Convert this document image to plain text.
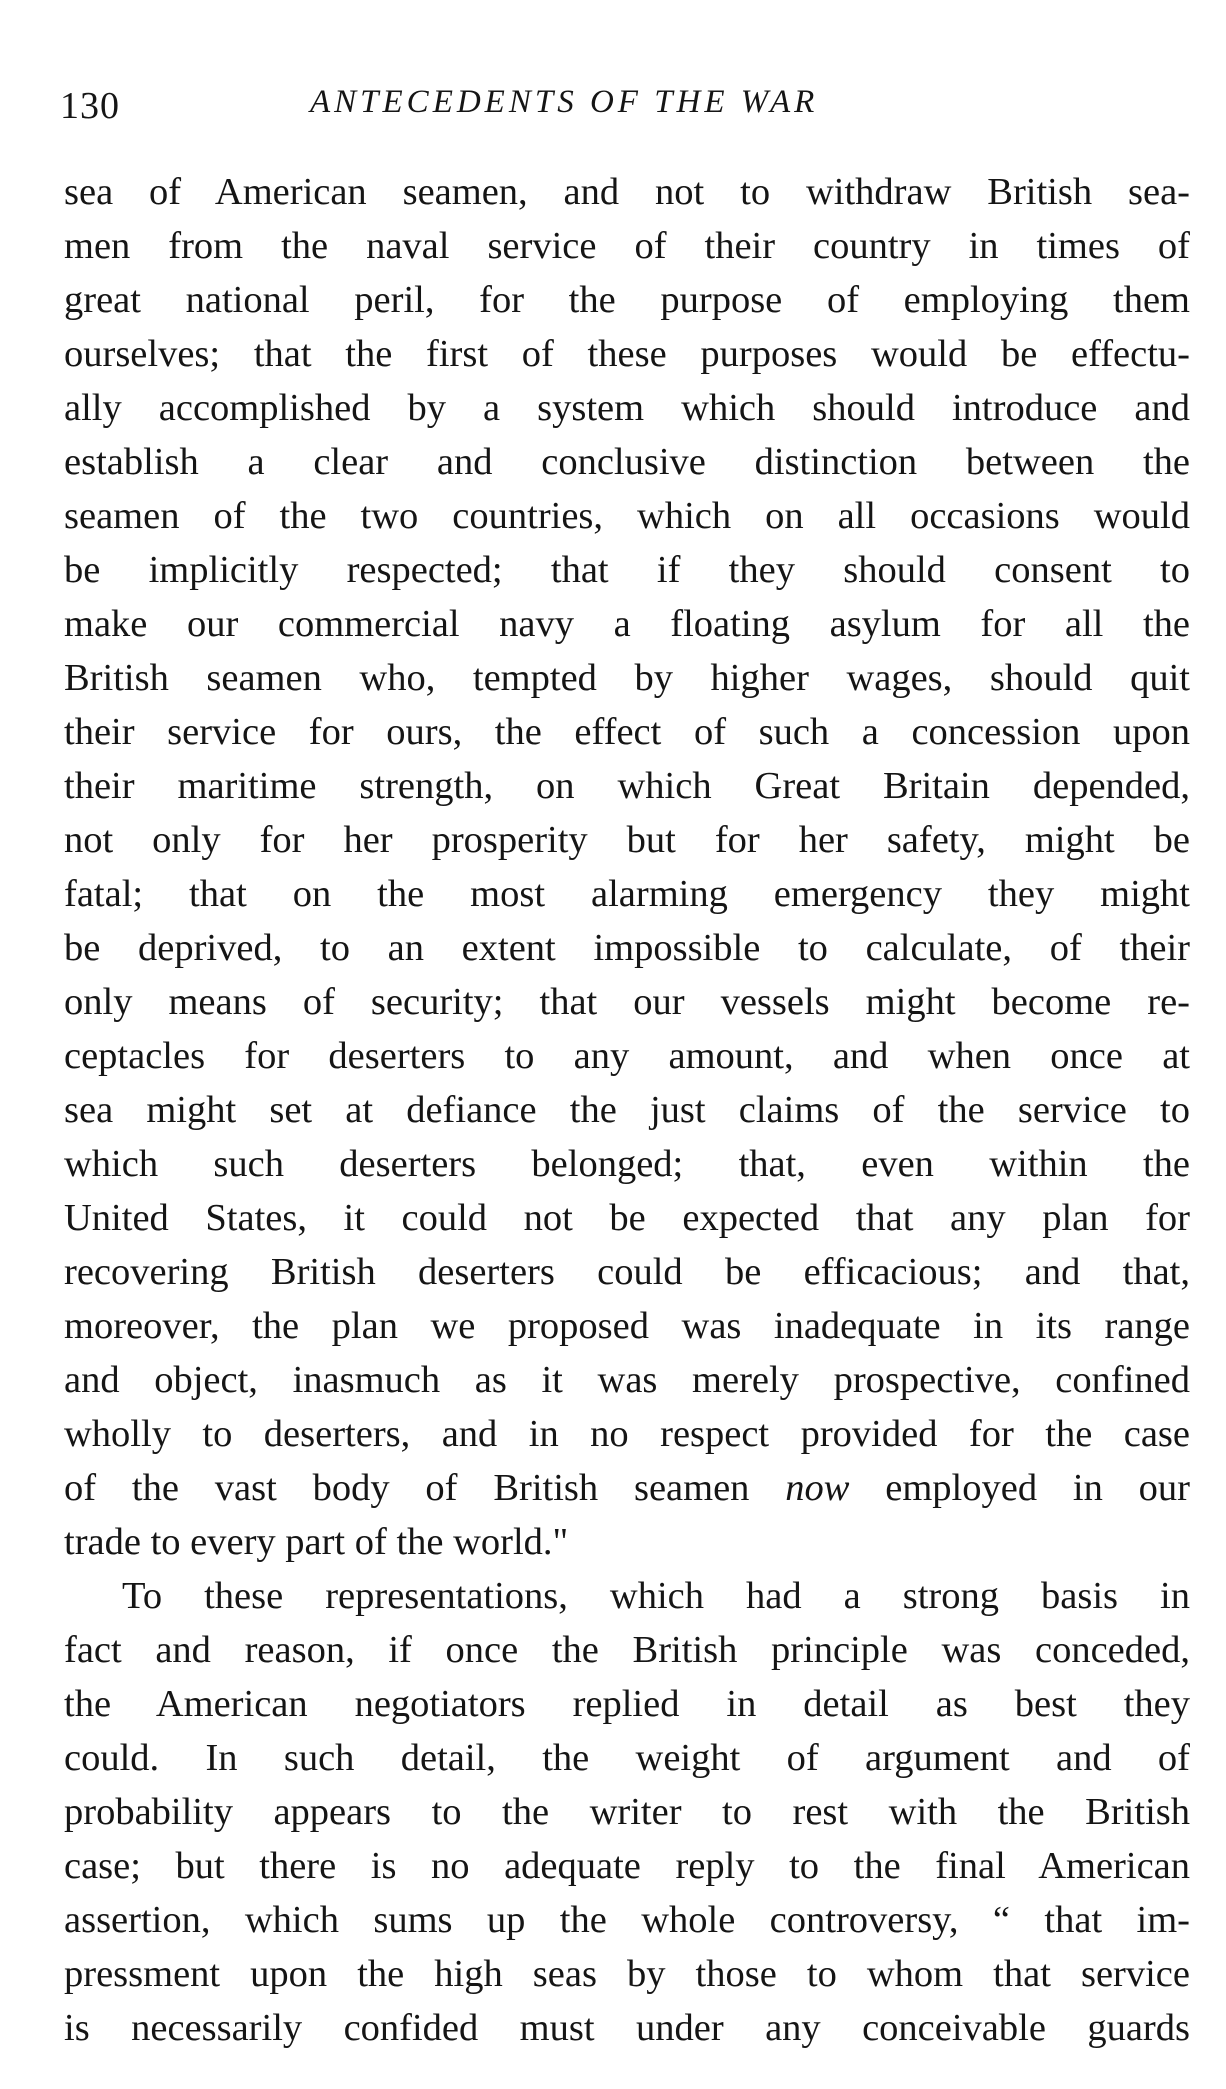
130	ANTECEDENTS OF THE WAR
sea of American seamen, and not to withdraw British sea-
men from the naval service of their country in times of
great national peril, for the purpose of employing them
ourselves; that the first of these purposes would be effectu-
ally accomplished by a system which should introduce and
establish a clear and conclusive distinction between the
seamen of the two countries, which on all occasions would
be implicitly respected; that if they should consent to
make our commercial navy a floating asylum for all the
British seamen who, tempted by higher wages, should quit
their service for ours, the effect of such a concession upon
their maritime strength, on which Great Britain depended,
not only for her prosperity but for her safety, might be
fatal; that on the most alarming emergency they might
be deprived, to an extent impossible to calculate, of their
only means of security; that our vessels might become re-
ceptacles for deserters to any amount, and when once at
sea might set at defiance the just claims of the service to
which such deserters belonged; that, even within the
United States, it could not be expected that any plan for
recovering British deserters could be efficacious; and that,
moreover, the plan we proposed was inadequate in its range
and object, inasmuch as it was merely prospective, confined
wholly to deserters, and in no respect provided for the case
of the vast body of British seamen now employed in our
trade to every part of the world."
To these representations, which had a strong basis in
fact and reason, if once the British principle was conceded,
the American negotiators replied in detail as best they
could. In such detail, the weight of argument and of
probability appears to the writer to rest with the British
case; but there is no adequate reply to the final American
assertion, which sums up the whole controversy, “ that im-
pressment upon the high seas by those to whom that service
is necessarily confided must under any conceivable guards
